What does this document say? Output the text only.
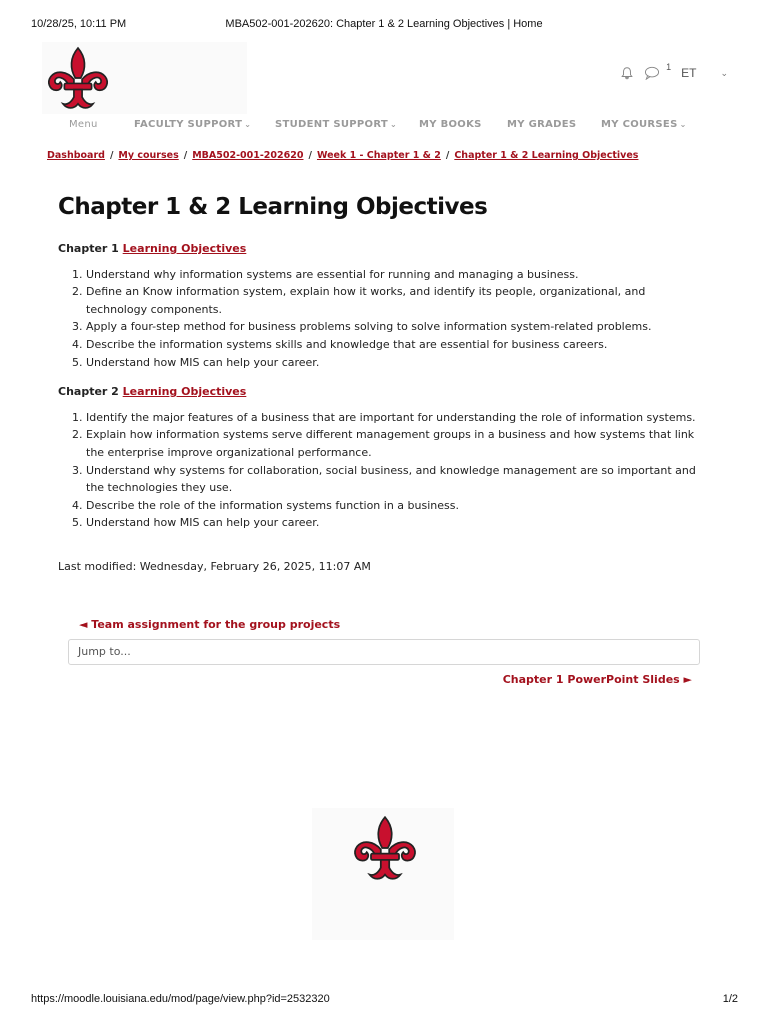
10/28/25, 10:11 PM	MBA502-001-202620: Chapter 1 & 2 Learning Objectives | Home
1 ET	⌄
Menu	FACULTY SUPPORT ⌄ STUDENT SUPPORT ⌄ MY BOOKS	MY GRADES MY COURSES ⌄
Dashboard / My courses / MBA502-001-202620 / Week 1 - Chapter 1 & 2 / Chapter 1 & 2 Learning Objectives
Chapter 1 & 2 Learning Objectives

Chapter 1 Learning Objectives

1. Understand why information systems are essential for running and managing a business.
2. Define an Know information system, explain how it works, and identify its people, organizational, and technology components.
3. Apply a four-step method for business problems solving to solve information system-related problems.
4. Describe the information systems skills and knowledge that are essential for business careers.
5. Understand how MIS can help your career.

Chapter 2 Learning Objectives

1. Identify the major features of a business that are important for understanding the role of information systems.
2. Explain how information systems serve different management groups in a business and how systems that link the enterprise improve organizational performance.
3. Understand why systems for collaboration, social business, and knowledge management are so important and the technologies they use.
4. Describe the role of the information systems function in a business.
5. Understand how MIS can help your career.
Last modified: Wednesday, February 26, 2025, 11:07 AM
◄ Team assignment for the group projects
Jump to...
Chapter 1 PowerPoint Slides ►
https://moodle.louisiana.edu/mod/page/view.php?id=2532320	1/2
